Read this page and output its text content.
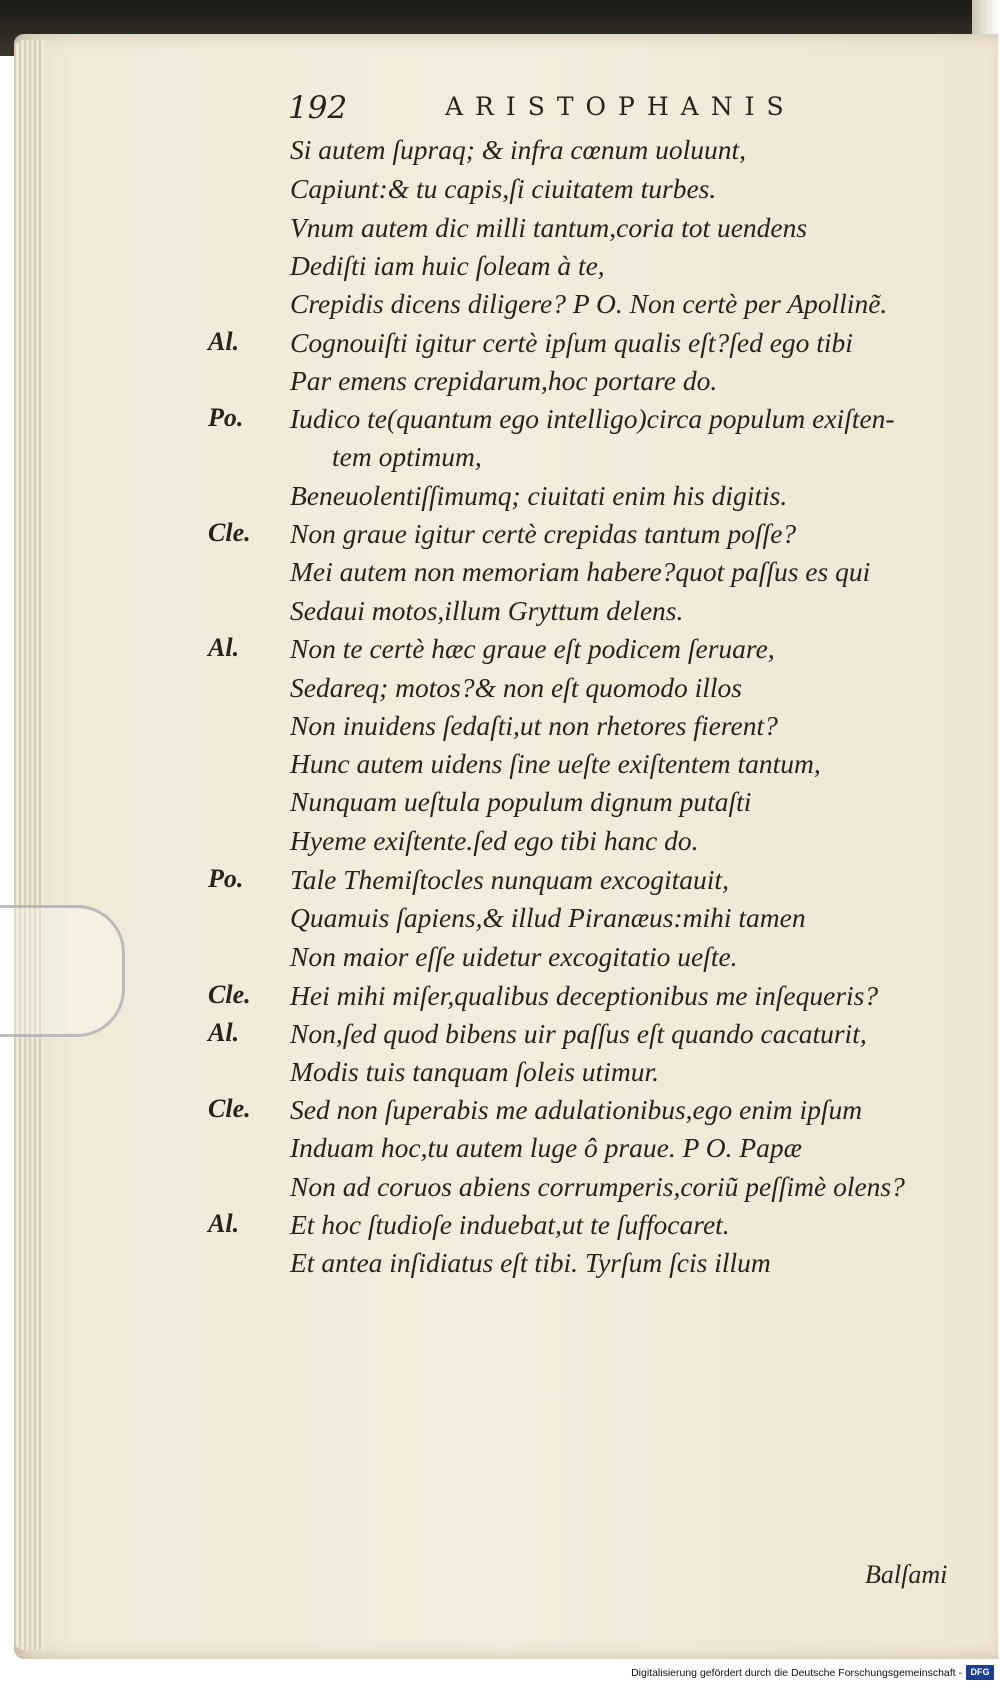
192	ARISTOPHANIS
Si autem ſupraq; & infra cœnum uoluunt,
Capiunt:& tu capis,ſi ciuitatem turbes.
Vnum autem dic milli tantum,coria tot uendens
Dediſti iam huic ſoleam à te,
Crepidis dicens diligere? P O. Non certè per Apollinẽ.
Al. Cognouiſti igitur certè ipſum qualis eſt?ſed ego tibi
Par emens crepidarum,hoc portare do.
Po. Iudico te(quantum ego intelligo)circa populum exiſten-
tem optimum,
Beneuolentiſſimumq; ciuitati enim his digitis.
Cle. Non graue igitur certè crepidas tantum poſſe?
Mei autem non memoriam habere?quot paſſus es qui
Sedaui motos,illum Gryttum delens.
Al. Non te certè hæc graue eſt podicem ſeruare,
Sedareq; motos?& non eſt quomodo illos
Non inuidens ſedaſti,ut non rhetores fierent?
Hunc autem uidens ſine ueſte exiſtentem tantum,
Nunquam ueſtula populum dignum putaſti
Hyeme exiſtente.ſed ego tibi hanc do.
Po. Tale Themiſtocles nunquam excogitauit,
Quamuis ſapiens,& illud Piranæus:mihi tamen
Non maior eſſe uidetur excogitatio ueſte.
Cle. Hei mihi miſer,qualibus deceptionibus me inſequeris?
Al. Non,ſed quod bibens uir paſſus eſt quando cacaturit,
Modis tuis tanquam ſoleis utimur.
Cle. Sed non ſuperabis me adulationibus,ego enim ipſum
Induam hoc,tu autem luge ô praue. P O. Papæ
Non ad coruos abiens corrumperis,coriũ peſſimè olens?
Al. Et hoc ſtudioſe induebat,ut te ſuffocaret.
Et antea inſidiatus eſt tibi. Tyrſum ſcis illum
Balſami
Digitalisierung gefördert durch die Deutsche Forschungsgemeinschaft - DFG
